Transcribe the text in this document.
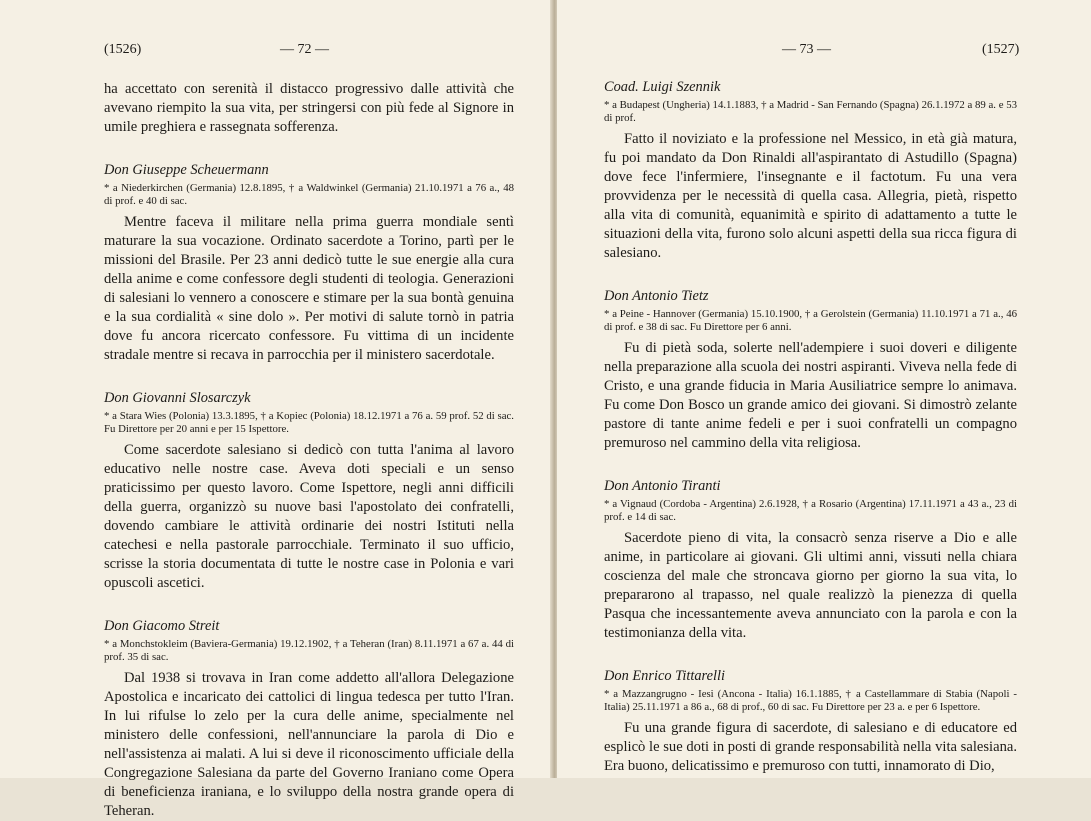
(1526)	— 72 —

ha accettato con serenità il distacco progressivo dalle attività che avevano riempito la sua vita, per stringersi con più fede al Signore in umile preghiera e rassegnata sofferenza.

Don Giuseppe Scheuermann
* a Niederkirchen (Germania) 12.8.1895, † a Waldwinkel (Germania) 21.10.1971 a 76 a., 48 di prof. e 40 di sac.

Mentre faceva il militare nella prima guerra mondiale sentì maturare la sua vocazione. Ordinato sacerdote a Torino, partì per le missioni del Brasile. Per 23 anni dedicò tutte le sue energie alla cura della anime e come confessore degli studenti di teologia. Generazioni di salesiani lo vennero a conoscere e stimare per la sua bontà genuina e la sua cordialità « sine dolo ». Per motivi di salute tornò in patria dove fu ancora ricercato confessore. Fu vittima di un incidente stradale mentre si recava in parrocchia per il ministero sacerdotale.

Don Giovanni Slosarczyk
* a Stara Wies (Polonia) 13.3.1895, † a Kopiec (Polonia) 18.12.1971 a 76 a. 59 prof. 52 di sac. Fu Direttore per 20 anni e per 15 Ispettore.

Come sacerdote salesiano si dedicò con tutta l'anima al lavoro educativo nelle nostre case. Aveva doti speciali e un senso praticissimo per questo lavoro. Come Ispettore, negli anni difficili della guerra, organizzò su nuove basi l'apostolato dei confratelli, dovendo cambiare le attività ordinarie dei nostri Istituti nella catechesi e nella pastorale parrocchiale. Terminato il suo ufficio, scrisse la storia documentata di tutte le nostre case in Polonia e vari opuscoli ascetici.

Don Giacomo Streit
* a Monchstokleim (Baviera-Germania) 19.12.1902, † a Teheran (Iran) 8.11.1971 a 67 a. 44 di prof. 35 di sac.

Dal 1938 si trovava in Iran come addetto all'allora Delegazione Apostolica e incaricato dei cattolici di lingua tedesca per tutto l'Iran. In lui rifulse lo zelo per la cura delle anime, specialmente nel ministero delle confessioni, nell'annunciare la parola di Dio e nell'assistenza ai malati. A lui si deve il riconoscimento ufficiale della Congregazione Salesiana da parte del Governo Iraniano come Opera di beneficienza iraniana, e lo sviluppo della nostra grande opera di Teheran.

— 73 —	(1527)
Coad. Luigi Szennik
* a Budapest (Ungheria) 14.1.1883, † a Madrid - San Fernando (Spagna) 26.1.1972 a 89 a. e 53 di prof.

Fatto il noviziato e la professione nel Messico, in età già matura, fu poi mandato da Don Rinaldi all'aspirantato di Astudillo (Spagna) dove fece l'infermiere, l'insegnante e il factotum. Fu una vera provvidenza per le necessità di quella casa. Allegria, pietà, rispetto alla vita di comunità, equanimità e spirito di adattamento a tutte le situazioni della vita, furono solo alcuni aspetti della sua ricca figura di salesiano.

Don Antonio Tietz
* a Peine - Hannover (Germania) 15.10.1900, † a Gerolstein (Germania) 11.10.1971 a 71 a., 46 di prof. e 38 di sac. Fu Direttore per 6 anni.

Fu di pietà soda, solerte nell'adempiere i suoi doveri e diligente nella preparazione alla scuola dei nostri aspiranti. Viveva nella fede di Cristo, e una grande fiducia in Maria Ausiliatrice sempre lo animava. Fu come Don Bosco un grande amico dei giovani. Si dimostrò zelante pastore di tante anime fedeli e per i suoi confratelli un compagno premuroso nel cammino della vita religiosa.

Don Antonio Tiranti
* a Vignaud (Cordoba - Argentina) 2.6.1928, † a Rosario (Argentina) 17.11.1971 a 43 a., 23 di prof. e 14 di sac.

Sacerdote pieno di vita, la consacrò senza riserve a Dio e alle anime, in particolare ai giovani. Gli ultimi anni, vissuti nella chiara coscienza del male che stroncava giorno per giorno la sua vita, lo prepararono al trapasso, nel quale realizzò la pienezza di quella Pasqua che incessantemente aveva annunciato con la parola e con la testimonianza della vita.

Don Enrico Tittarelli
* a Mazzangrugno - Iesi (Ancona - Italia) 16.1.1885, † a Castellammare di Stabia (Napoli - Italia) 25.11.1971 a 86 a., 68 di prof., 60 di sac. Fu Direttore per 23 a. e per 6 Ispettore.

Fu una grande figura di sacerdote, di salesiano e di educatore ed esplicò le sue doti in posti di grande responsabilità nella vita salesiana. Era buono, delicatissimo e premuroso con tutti, innamorato di Dio,
